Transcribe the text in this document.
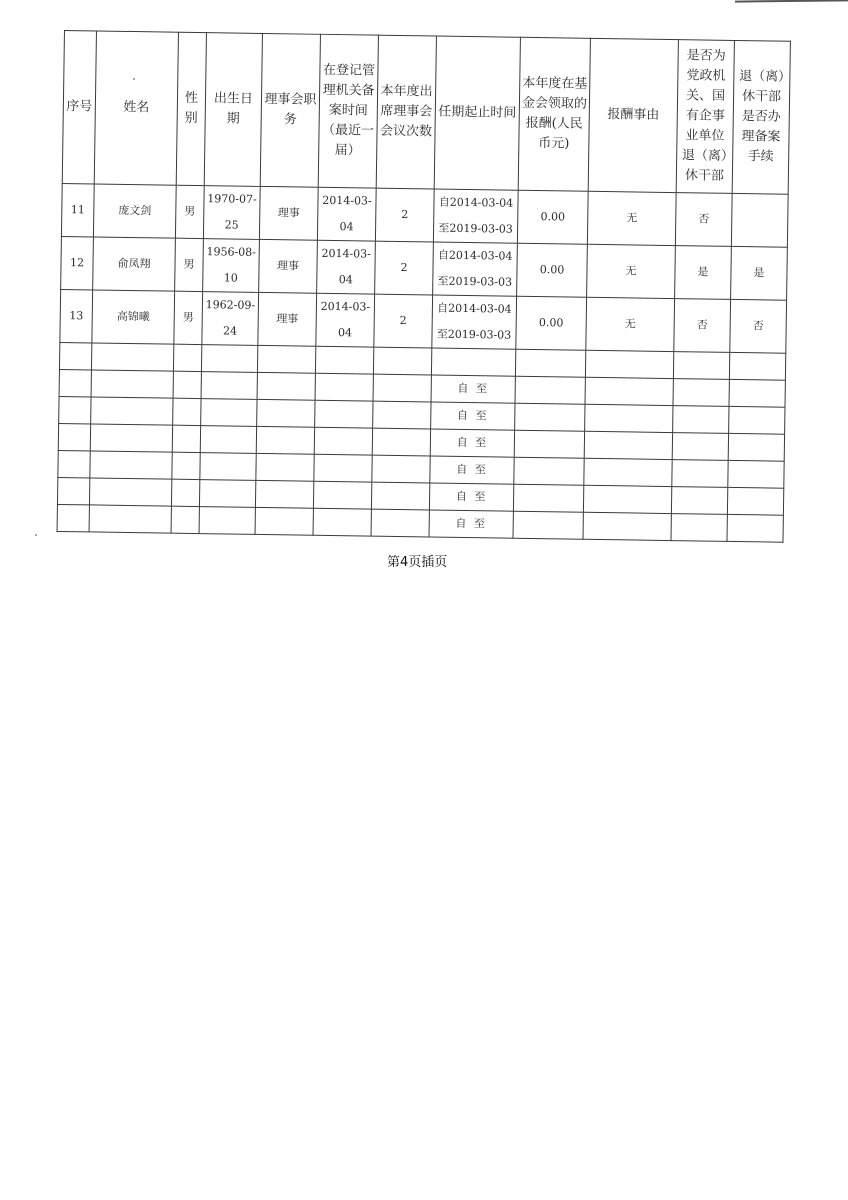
序号	姓名	性别	出生日期	理事会职务	在登记管理机关备案时间（最近一届）	本年度出席理事会会议次数	任期起止时间	本年度在基金会领取的报酬(人民币元)	报酬事由	是否为党政机关、国有企事业单位退（离）休干部	退（离）休干部是否办理备案手续
11	庞文剑	男	1970-07-25	理事	2014-03-04	2	自2014-03-04
至2019-03-03	0.00	无	否	
12	俞凤翔	男	1956-08-10	理事	2014-03-04	2	自2014-03-04
至2019-03-03	0.00	无	是	是
13	高锦曦	男	1962-09-24	理事	2014-03-04	2	自2014-03-04
至2019-03-03	0.00	无	否	否

							自 至				
							自 至				
							自 至				
							自 至				
							自 至				
							自 至				
第4页插页
